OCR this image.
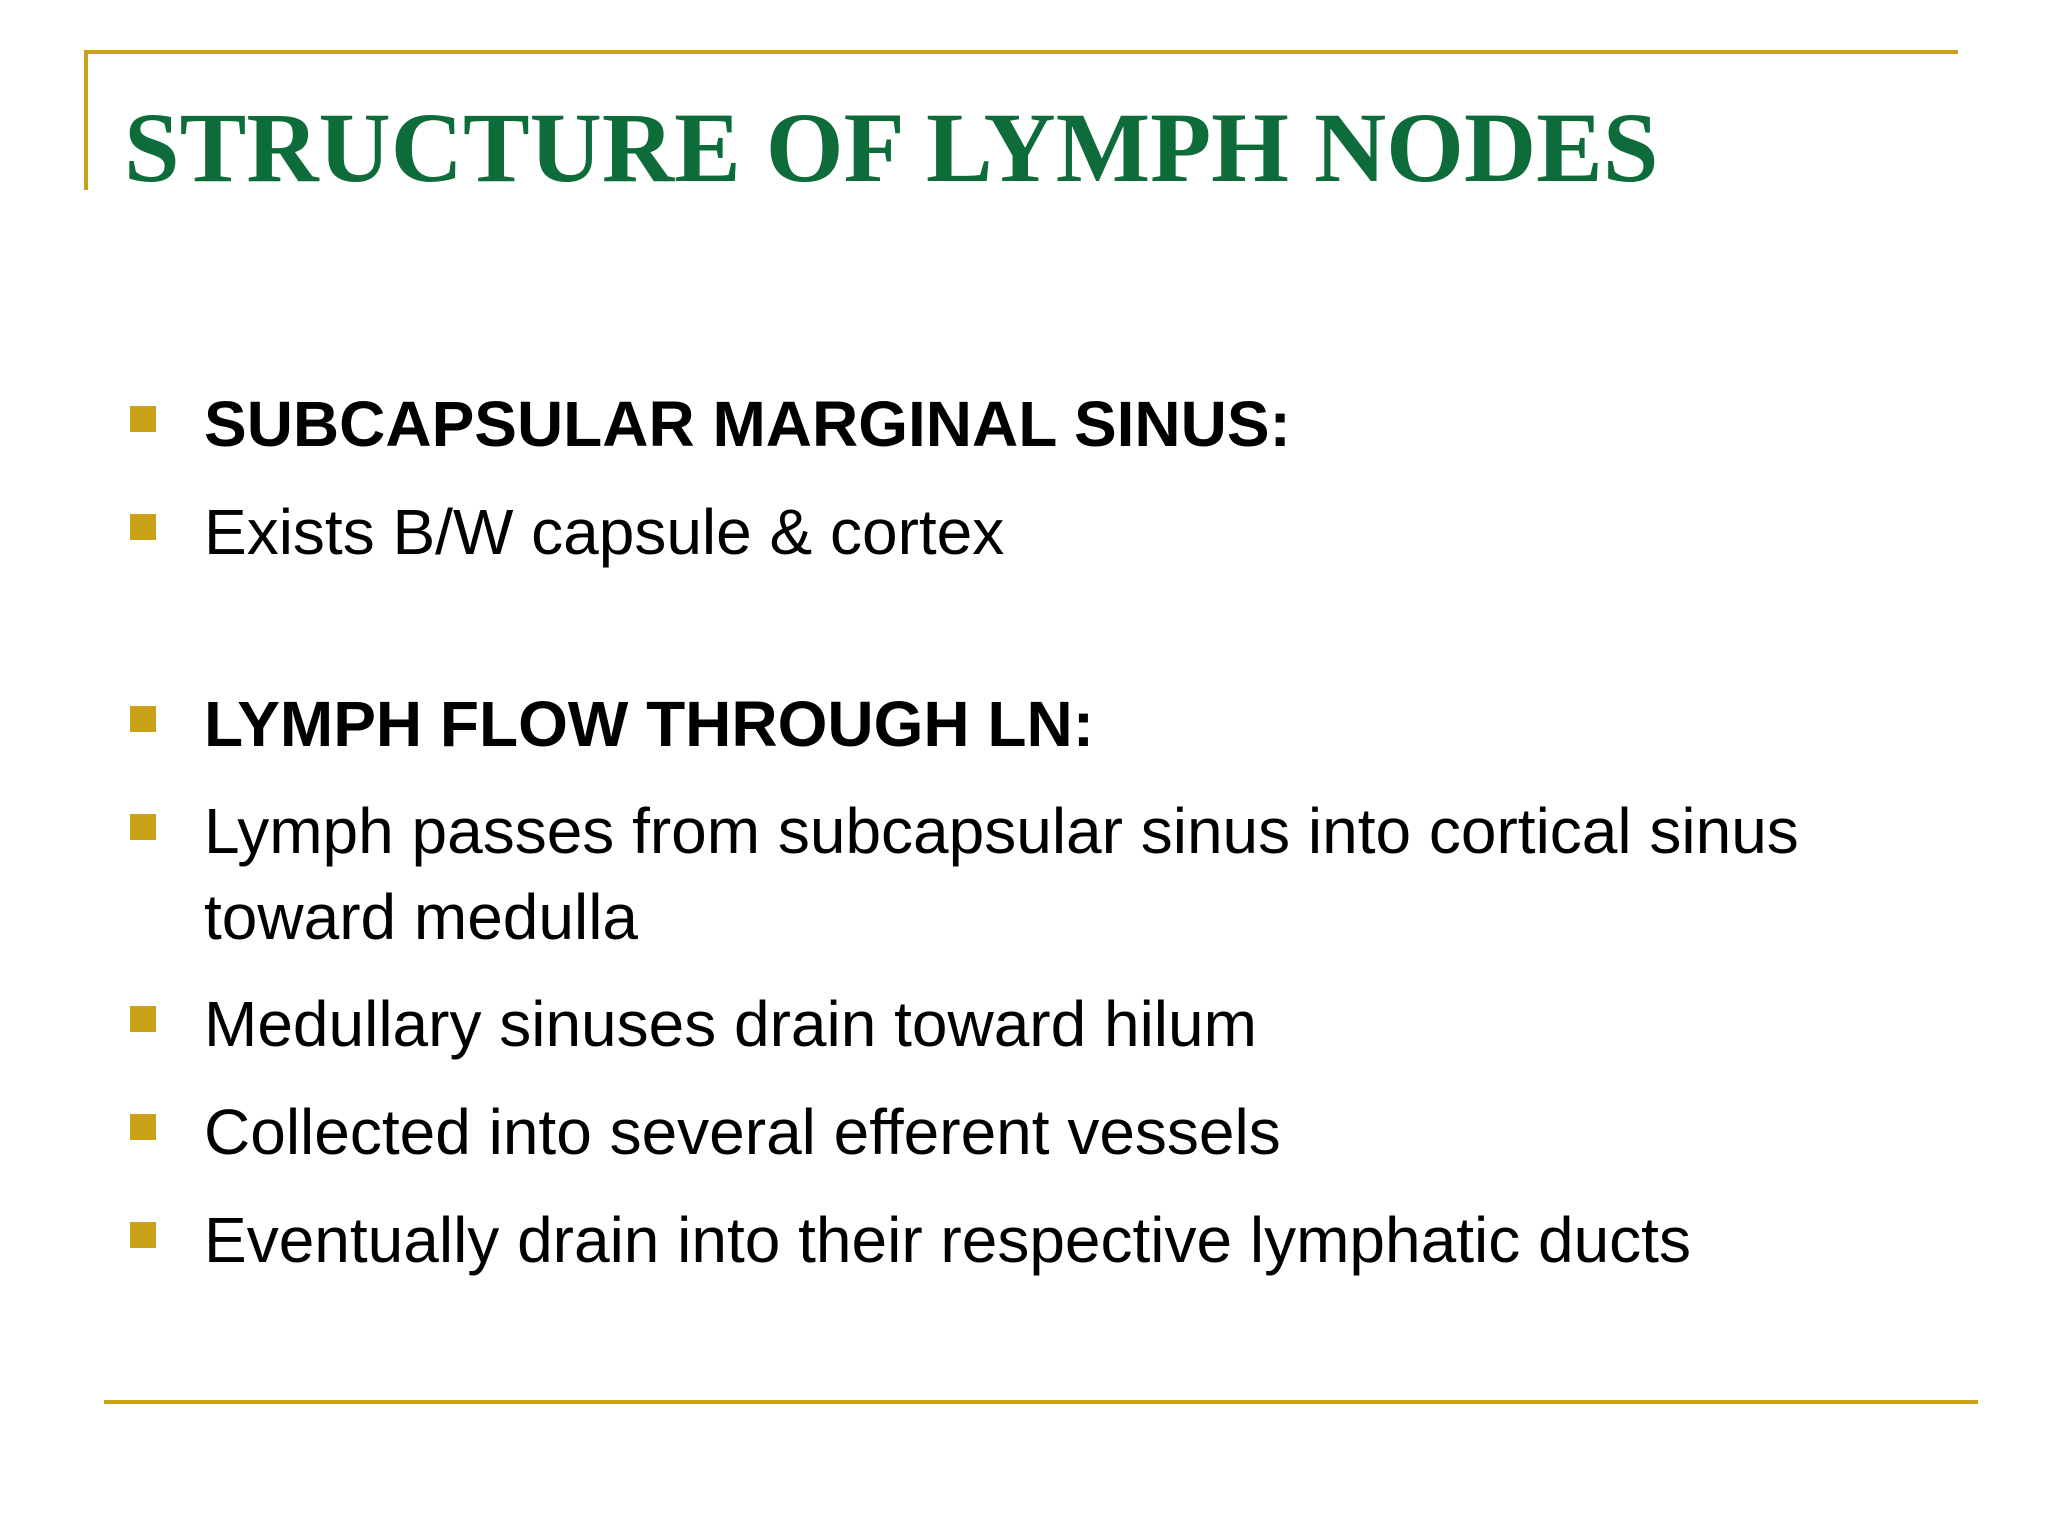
STRUCTURE OF LYMPH NODES
SUBCAPSULAR MARGINAL SINUS:
Exists B/W capsule & cortex
LYMPH FLOW THROUGH LN:
Lymph passes from subcapsular sinus into cortical sinus toward medulla
Medullary sinuses drain toward hilum
Collected into several efferent vessels
Eventually drain into their respective lymphatic ducts
